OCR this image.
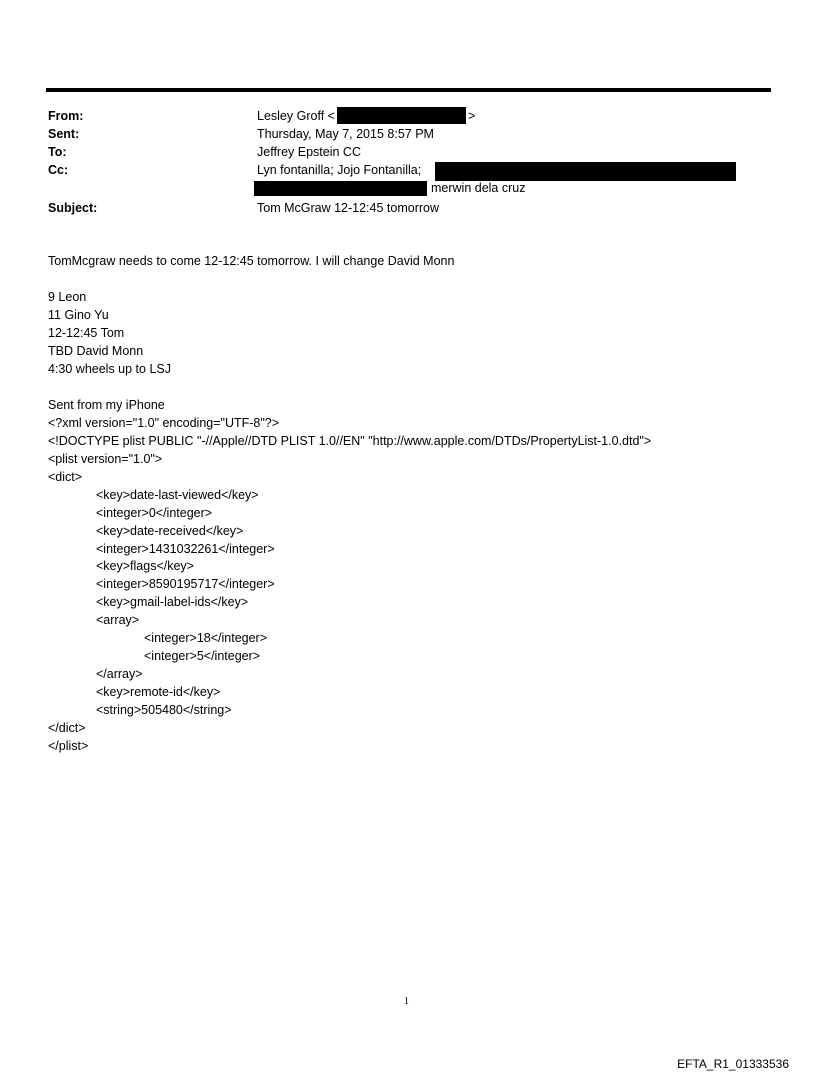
From:	Lesley Groff <	>
Sent:	Thursday, May 7, 2015 8:57 PM
To:	Jeffrey Epstein CC
Cc:	Lyn fontanilla; Jojo Fontanilla;
merwin dela cruz
Subject:	Tom McGraw 12-12:45 tomorrow
TomMcgraw needs to come 12-12:45 tomorrow. I will change David Monn
9 Leon
11 Gino Yu
12-12:45 Tom
TBD David Monn
4:30 wheels up to LSJ
Sent from my iPhone
<?xml version="1.0" encoding="UTF-8"?>
<!DOCTYPE plist PUBLIC "-//Apple//DTD PLIST 1.0//EN" "http://www.apple.com/DTDs/PropertyList-1.0.dtd">
<plist version="1.0">
<dict>
<key>date-last-viewed</key>
<integer>0</integer>
<key>date-received</key>
<integer>1431032261</integer>
<key>flags</key>
<integer>8590195717</integer>
<key>gmail-label-ids</key>
<array>
<integer>18</integer>
<integer>5</integer>
</array>
<key>remote-id</key>
<string>505480</string>
</dict>
</plist>
1
EFTA_R1_01333536
